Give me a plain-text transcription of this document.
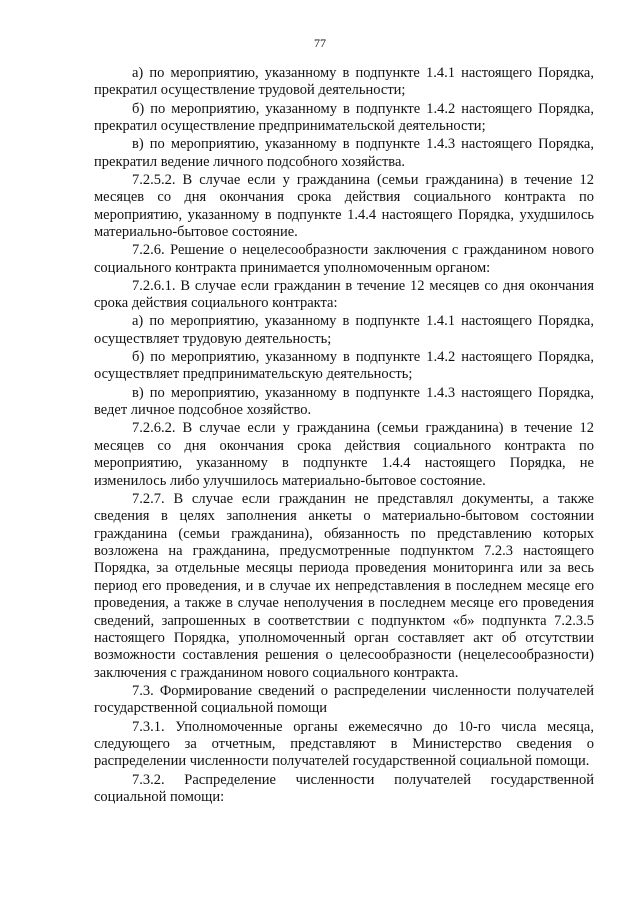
77

а) по мероприятию, указанному в подпункте 1.4.1 настоящего Порядка, прекратил осуществление трудовой деятельности;

б) по мероприятию, указанному в подпункте 1.4.2 настоящего Порядка, прекратил осуществление предпринимательской деятельности;

в) по мероприятию, указанному в подпункте 1.4.3 настоящего Порядка, прекратил ведение личного подсобного хозяйства.

7.2.5.2. В случае если у гражданина (семьи гражданина) в течение 12 месяцев со дня окончания срока действия социального контракта по мероприятию, указанному в подпункте 1.4.4 настоящего Порядка, ухудшилось материально-бытовое состояние.

7.2.6. Решение о нецелесообразности заключения с гражданином нового социального контракта принимается уполномоченным органом:

7.2.6.1. В случае если гражданин в течение 12 месяцев со дня окончания срока действия социального контракта:

а) по мероприятию, указанному в подпункте 1.4.1 настоящего Порядка, осуществляет трудовую деятельность;

б) по мероприятию, указанному в подпункте 1.4.2 настоящего Порядка, осуществляет предпринимательскую деятельность;

в) по мероприятию, указанному в подпункте 1.4.3 настоящего Порядка, ведет личное подсобное хозяйство.

7.2.6.2. В случае если у гражданина (семьи гражданина) в течение 12 месяцев со дня окончания срока действия социального контракта по мероприятию, указанному в подпункте 1.4.4 настоящего Порядка, не изменилось либо улучшилось материально-бытовое состояние.

7.2.7. В случае если гражданин не представлял документы, а также сведения в целях заполнения анкеты о материально-бытовом состоянии гражданина (семьи гражданина), обязанность по представлению которых возложена на гражданина, предусмотренные подпунктом 7.2.3 настоящего Порядка, за отдельные месяцы периода проведения мониторинга или за весь период его проведения, и в случае их непредставления в последнем месяце его проведения, а также в случае неполучения в последнем месяце его проведения сведений, запрошенных в соответствии с подпунктом «б» подпункта 7.2.3.5 настоящего Порядка, уполномоченный орган составляет акт об отсутствии возможности составления решения о целесообразности (нецелесообразности) заключения с гражданином нового социального контракта.

7.3. Формирование сведений о распределении численности получателей государственной социальной помощи

7.3.1. Уполномоченные органы ежемесячно до 10-го числа месяца, следующего за отчетным, представляют в Министерство сведения о распределении численности получателей государственной социальной помощи.

7.3.2. Распределение численности получателей государственной социальной помощи:
